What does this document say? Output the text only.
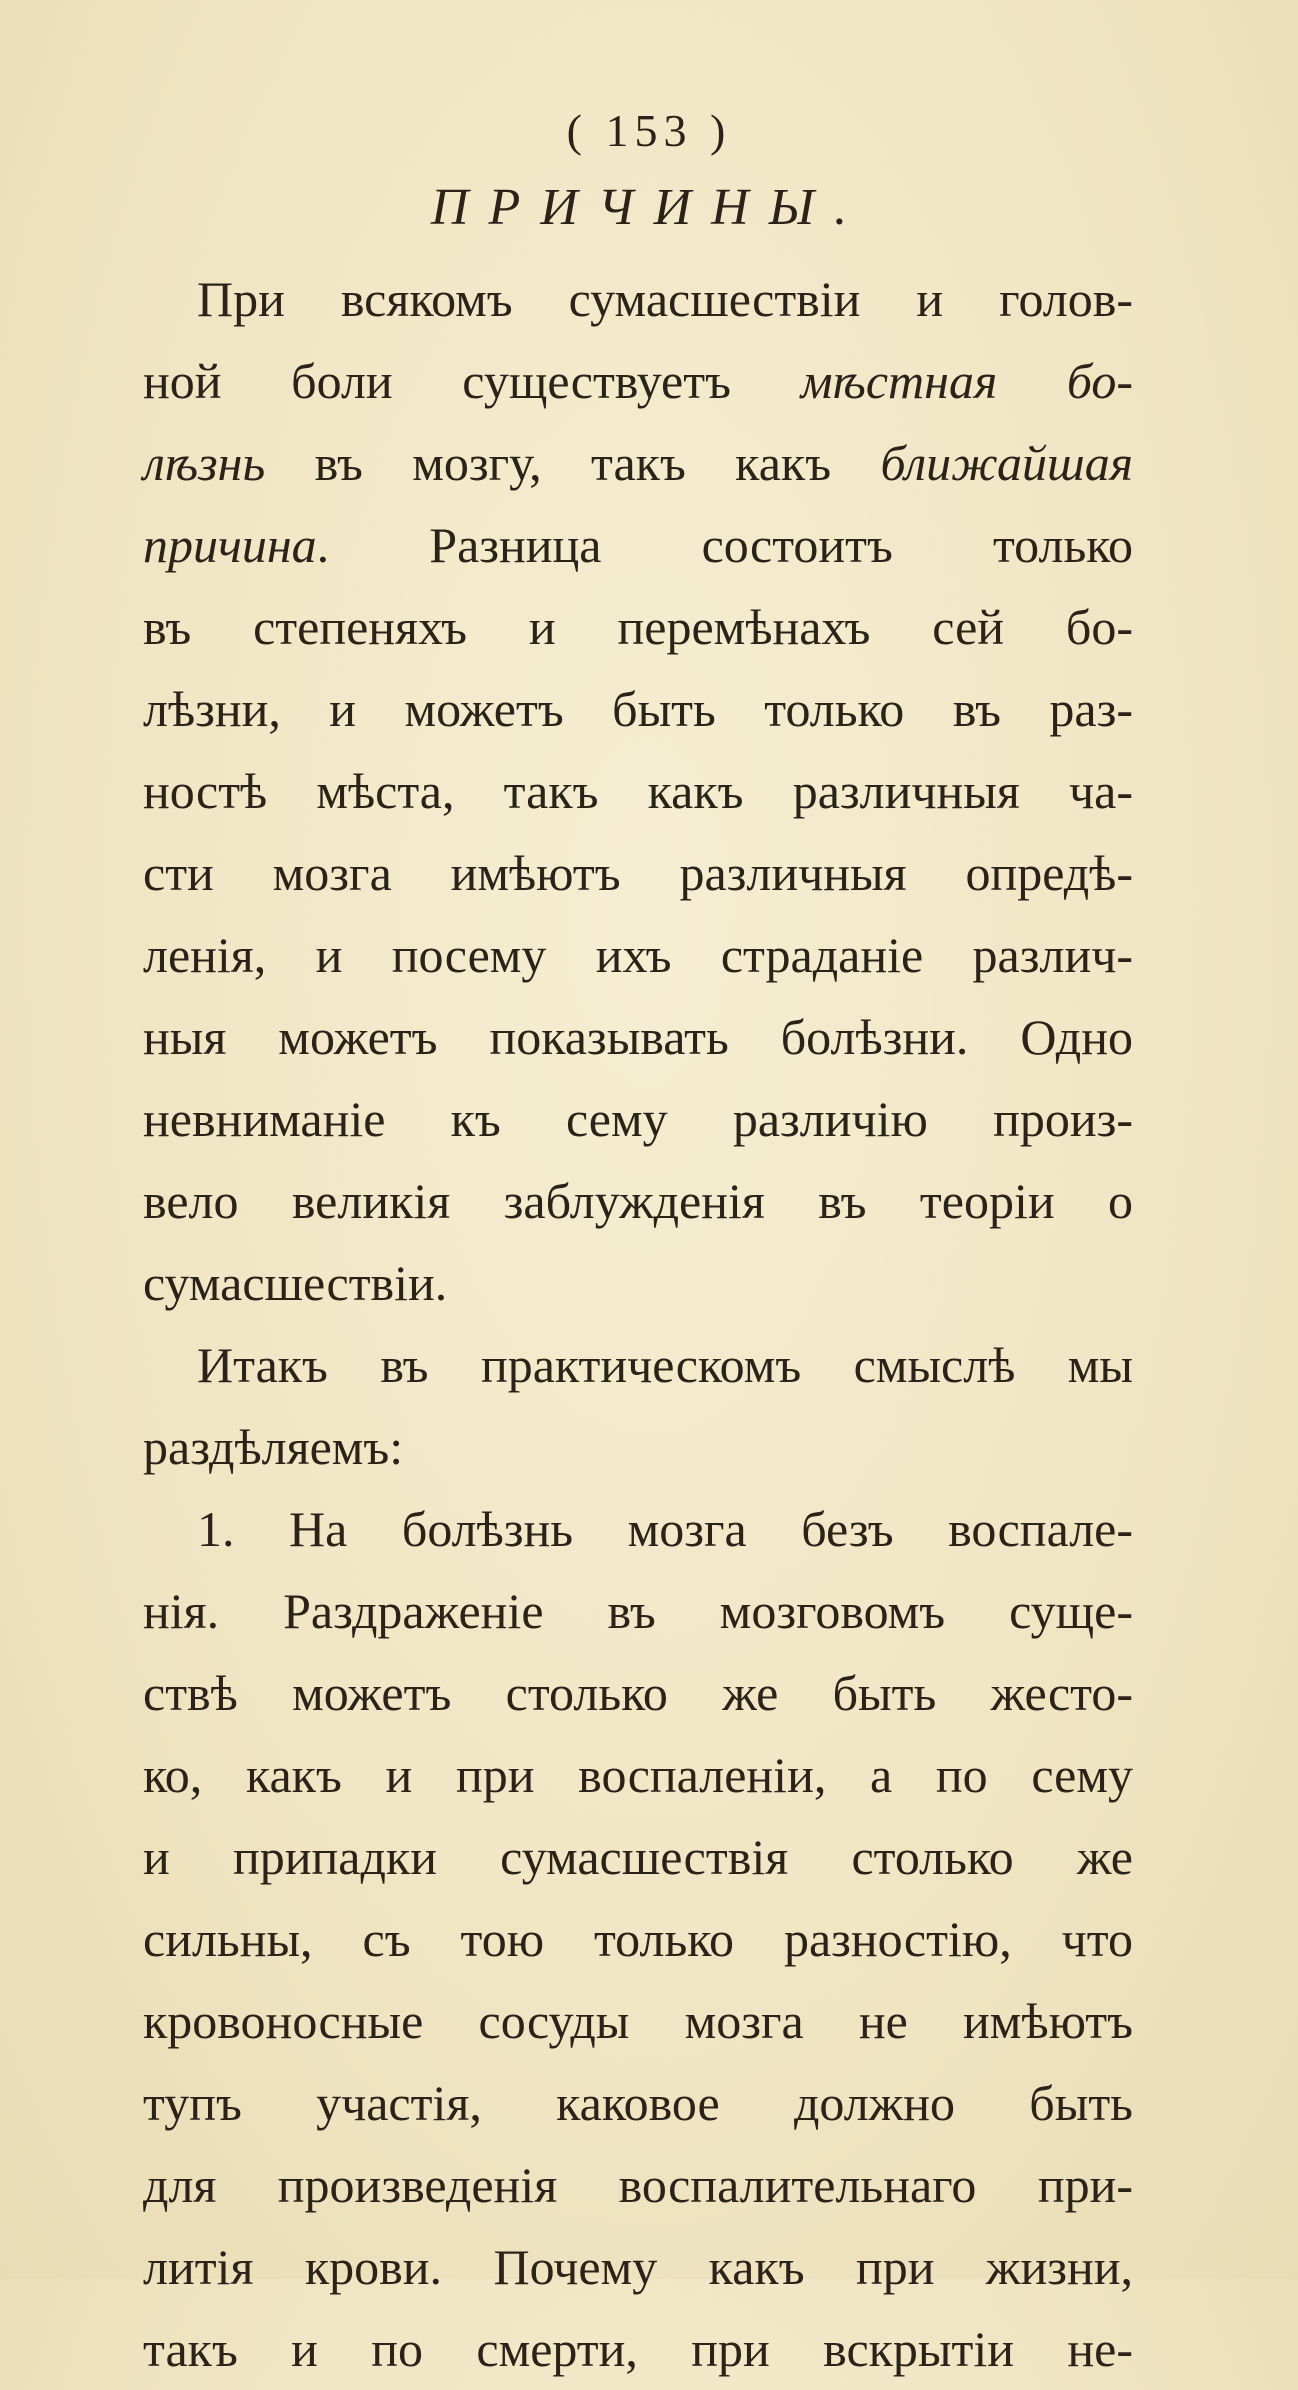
( 153 )
ПРИЧИНЫ.
При всякомъ сумасшествіи и голов-
ной боли существуетъ мѣстная бо-
лѣзнь въ мозгу, такъ какъ ближайшая
причина. Разница состоитъ только
въ степеняхъ и перемѣнахъ сей бо-
лѣзни, и можетъ быть только въ раз-
ностѣ мѣста, такъ какъ различныя ча-
сти мозга имѣютъ различныя опредѣ-
ленія, и посему ихъ страданіе различ-
ныя можетъ показывать болѣзни. Одно
невниманіе къ сему различію произ-
вело великія заблужденія въ теоріи о
сумасшествіи.
Итакъ въ практическомъ смыслѣ мы
раздѣляемъ:
1. На болѣзнь мозга безъ воспале-
нія. Раздраженіе въ мозговомъ суще-
ствѣ можетъ столько же быть жесто-
ко, какъ и при воспаленіи, а по сему
и припадки сумасшествія столько же
сильны, съ тою только разностію, что
кровоносные сосуды мозга не имѣютъ
тупъ участія, каковое должно быть
для произведенія воспалительнаго при-
литія крови. Почему какъ при жизни,
такъ и по смерти, при вскрытіи не-
